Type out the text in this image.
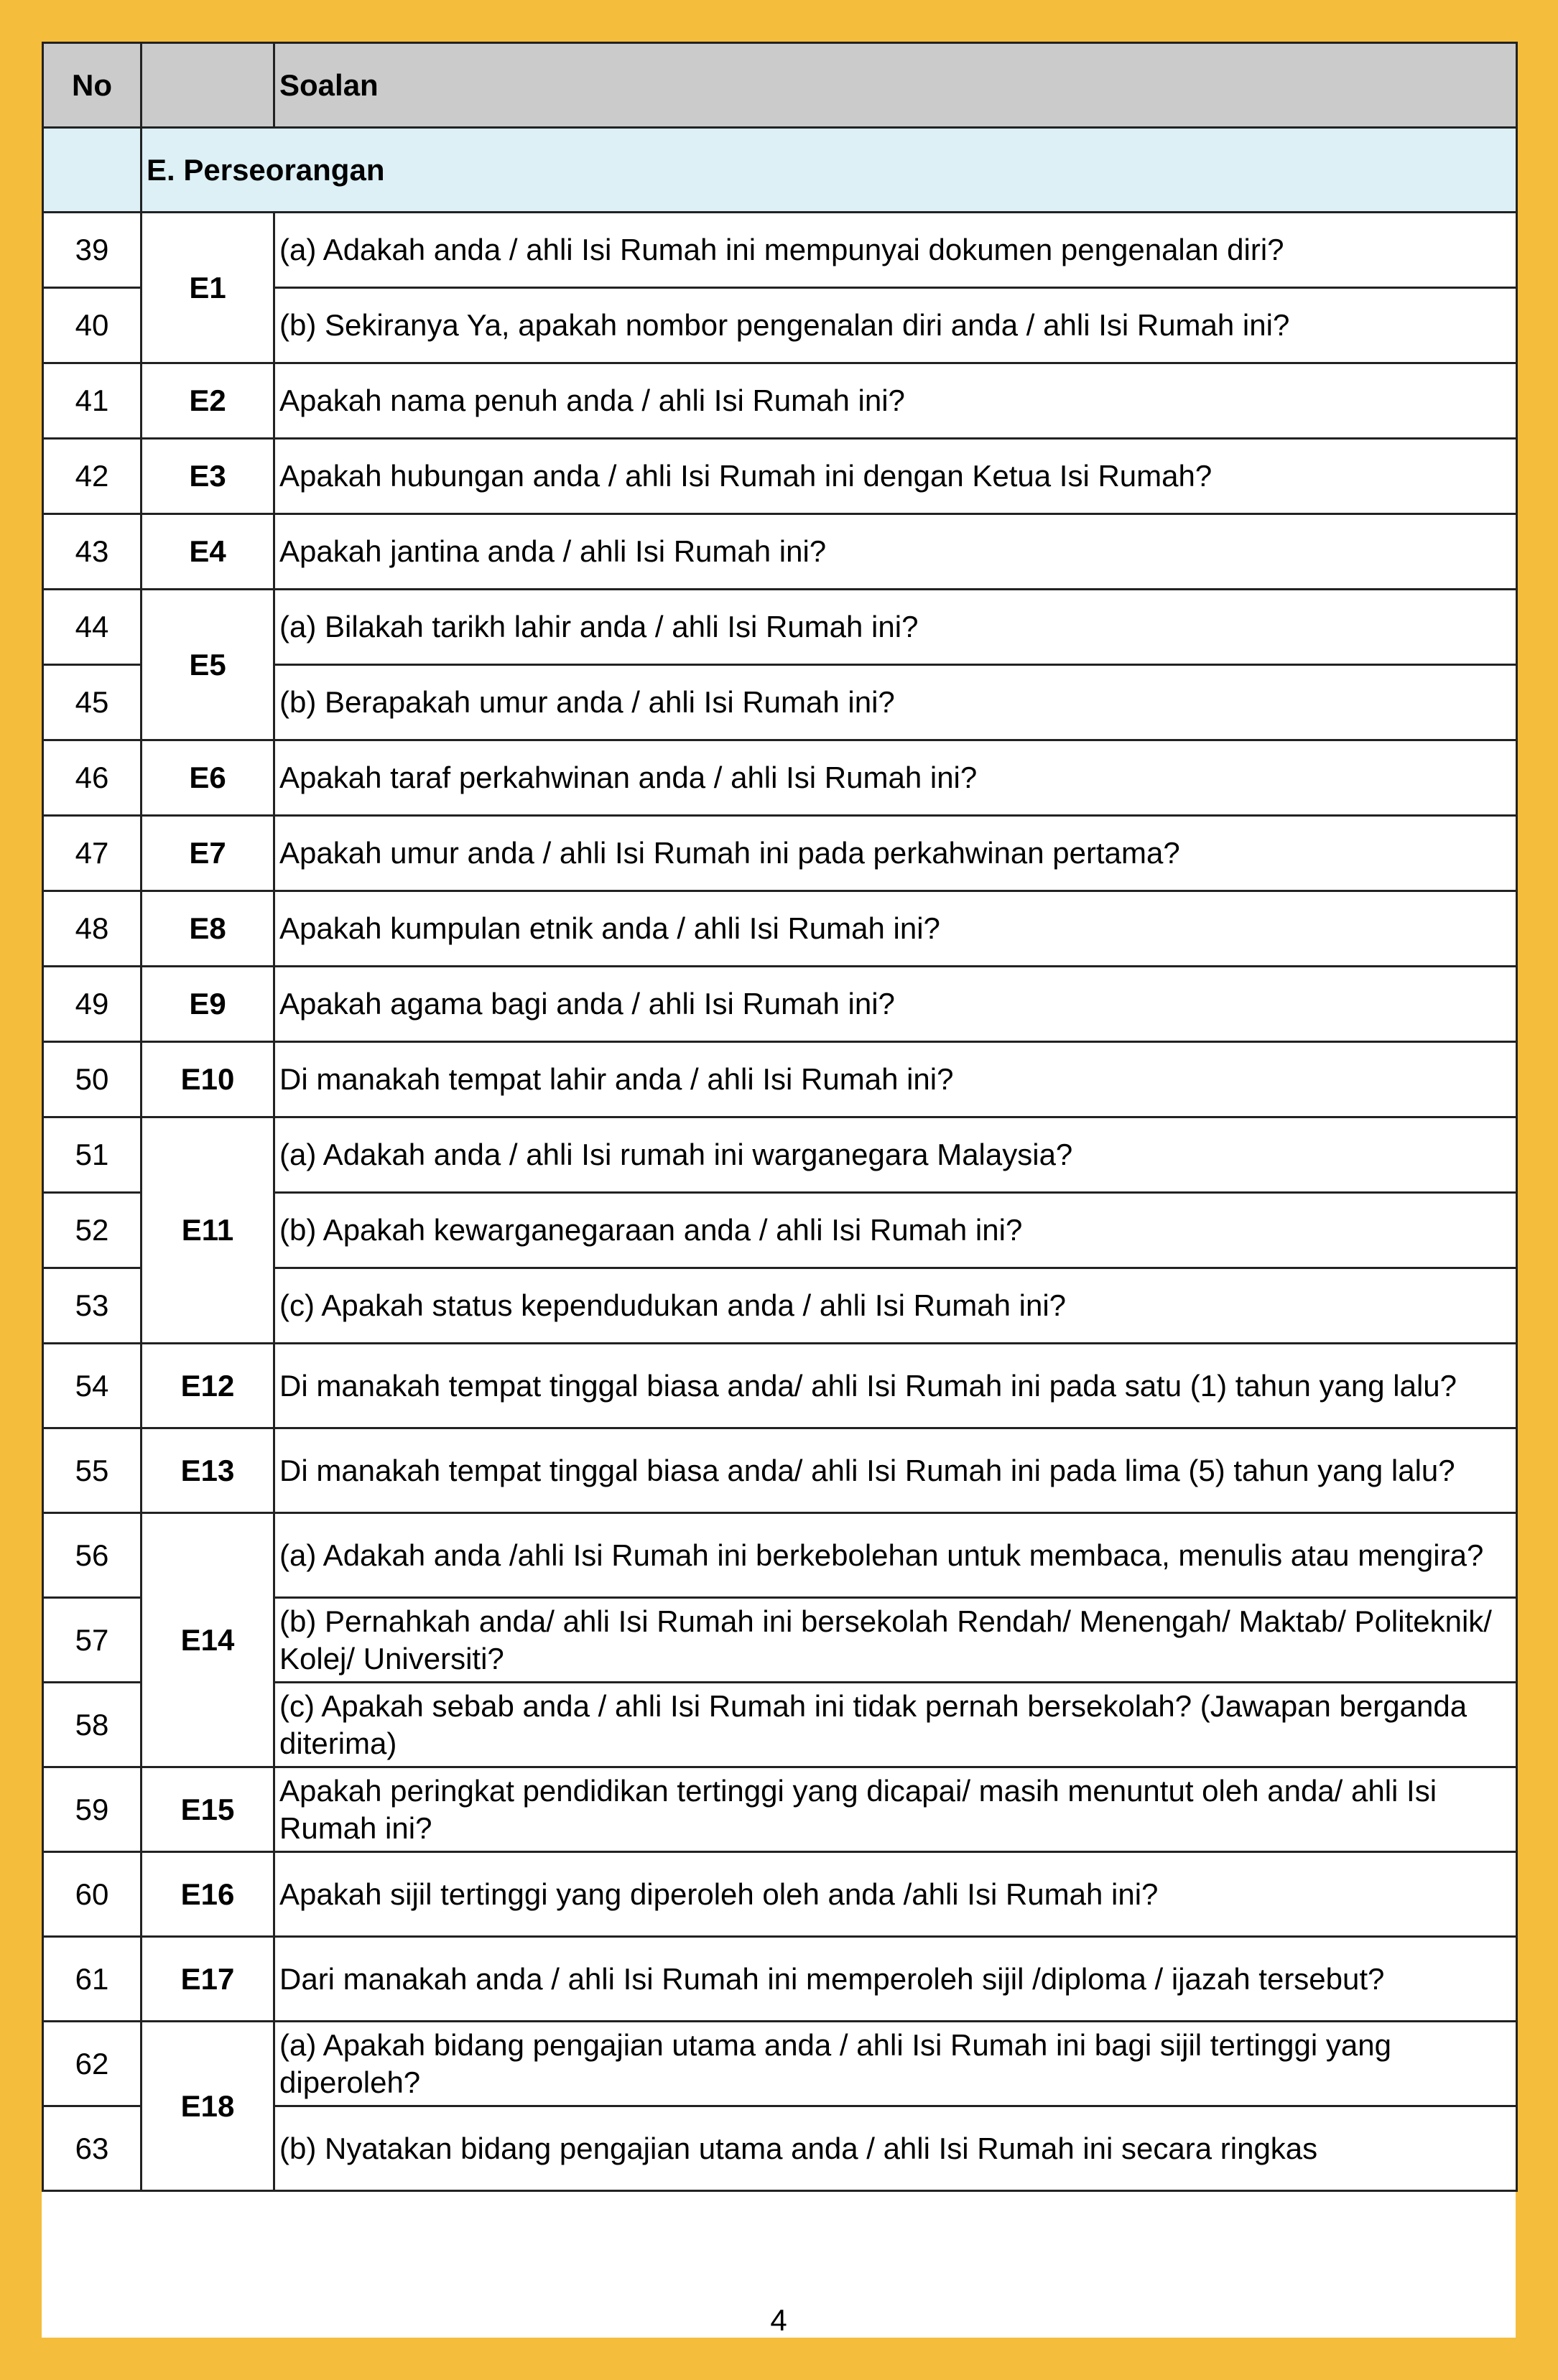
No		Soalan
	E. Perseorangan	
39	E1	(a) Adakah anda / ahli Isi Rumah ini mempunyai dokumen pengenalan diri?
40		(b) Sekiranya Ya, apakah nombor pengenalan diri anda / ahli Isi Rumah ini?
41	E2	Apakah nama penuh anda / ahli Isi Rumah ini?
42	E3	Apakah hubungan anda / ahli Isi Rumah ini dengan Ketua Isi Rumah?
43	E4	Apakah jantina anda / ahli Isi Rumah ini?
44	E5	(a) Bilakah tarikh lahir anda / ahli Isi Rumah ini?
45		(b) Berapakah umur anda / ahli Isi Rumah ini?
46	E6	Apakah taraf perkahwinan anda / ahli Isi Rumah ini?
47	E7	Apakah umur anda / ahli Isi Rumah ini pada perkahwinan pertama?
48	E8	Apakah kumpulan etnik anda / ahli Isi Rumah ini?
49	E9	Apakah agama bagi anda / ahli Isi Rumah ini?
50	E10	Di manakah tempat lahir anda / ahli Isi Rumah ini?
51	E11	(a) Adakah anda / ahli Isi rumah ini warganegara Malaysia?
52		(b) Apakah kewarganegaraan anda / ahli Isi Rumah ini?
53		(c) Apakah status kependudukan anda / ahli Isi Rumah ini?
54	E12	Di manakah tempat tinggal biasa anda/ ahli Isi Rumah ini pada satu (1) tahun yang lalu?
55	E13	Di manakah tempat tinggal biasa anda/ ahli Isi Rumah ini pada lima (5) tahun yang lalu?
56	E14	(a) Adakah anda /ahli Isi Rumah ini berkebolehan untuk membaca, menulis atau mengira?
57		(b) Pernahkah anda/ ahli Isi Rumah ini bersekolah Rendah/ Menengah/ Maktab/ Politeknik/ Kolej/ Universiti?
58		(c) Apakah sebab anda / ahli Isi Rumah ini tidak pernah bersekolah? (Jawapan berganda diterima)
59	E15	Apakah peringkat pendidikan tertinggi yang dicapai/ masih menuntut oleh anda/ ahli Isi Rumah ini?
60	E16	Apakah sijil tertinggi yang diperoleh oleh anda /ahli Isi Rumah ini?
61	E17	Dari manakah anda / ahli Isi Rumah ini memperoleh sijil /diploma / ijazah tersebut?
62	E18	(a) Apakah bidang pengajian utama anda / ahli Isi Rumah ini bagi sijil tertinggi yang diperoleh?
63		(b) Nyatakan bidang pengajian utama anda / ahli Isi Rumah ini secara ringkas
4
